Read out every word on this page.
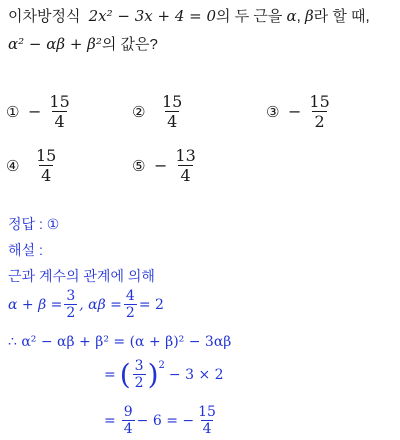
이차방정식 2x² − 3x + 4 = 0의 두 근을 α, β라 할 때,
α² − αβ + β²의 값은?
① − $\frac{15}{4}$	② $\frac{15}{4}$	③ − $\frac{15}{2}$
④ $\frac{15}{4}$	⑤ − $\frac{13}{4}$
정답 : ①
해설 :
근과 계수의 관계에 의해
$\alpha + \beta = \frac{3}{2}$ , $\alpha\beta = \frac{4}{2} = 2$
∴ α² − αβ + β² = (α + β)² − 3αβ
= ( $\frac{3}{2} )^2$
− 3 × 2
= $\frac{9}{4} - 6$ = − $\frac{15}{4}$
